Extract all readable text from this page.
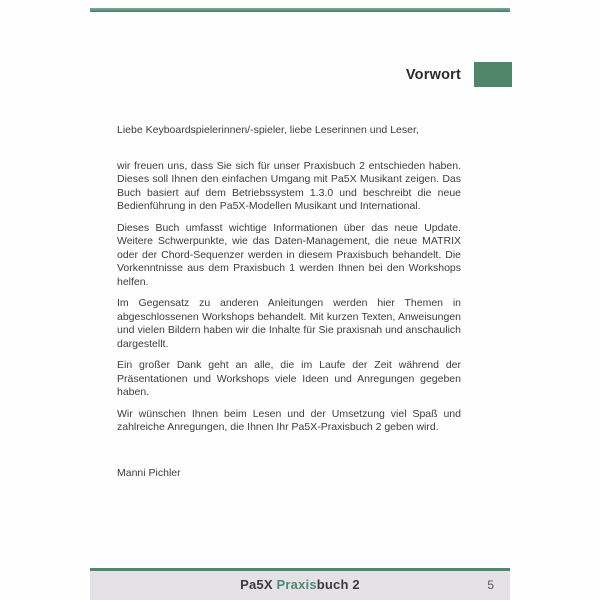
Vorwort

Liebe Keyboardspielerinnen/-spieler, liebe Leserinnen und Leser,

wir freuen uns, dass Sie sich für unser Praxisbuch 2 entschieden haben. Dieses soll Ihnen den einfachen Umgang mit Pa5X Musikant zeigen. Das Buch basiert auf dem Betriebssystem 1.3.0 und beschreibt die neue Bedienführung in den Pa5X-Modellen Musikant und International.

Dieses Buch umfasst wichtige Informationen über das neue Update. Weitere Schwerpunkte, wie das Daten-Management, die neue MATRIX oder der Chord-Sequenzer werden in diesem Praxisbuch behandelt. Die Vorkenntnisse aus dem Praxisbuch 1 werden Ihnen bei den Workshops helfen.

Im Gegensatz zu anderen Anleitungen werden hier Themen in abgeschlossenen Workshops behandelt. Mit kurzen Texten, Anweisungen und vielen Bildern haben wir die Inhalte für Sie praxisnah und anschaulich dargestellt.

Ein großer Dank geht an alle, die im Laufe der Zeit während der Präsentationen und Workshops viele Ideen und Anregungen gegeben haben.

Wir wünschen Ihnen beim Lesen und der Umsetzung viel Spaß und zahlreiche Anregungen, die Ihnen Ihr Pa5X-Praxisbuch 2 geben wird.

Manni Pichler

Pa5X Praxisbuch 2	5
